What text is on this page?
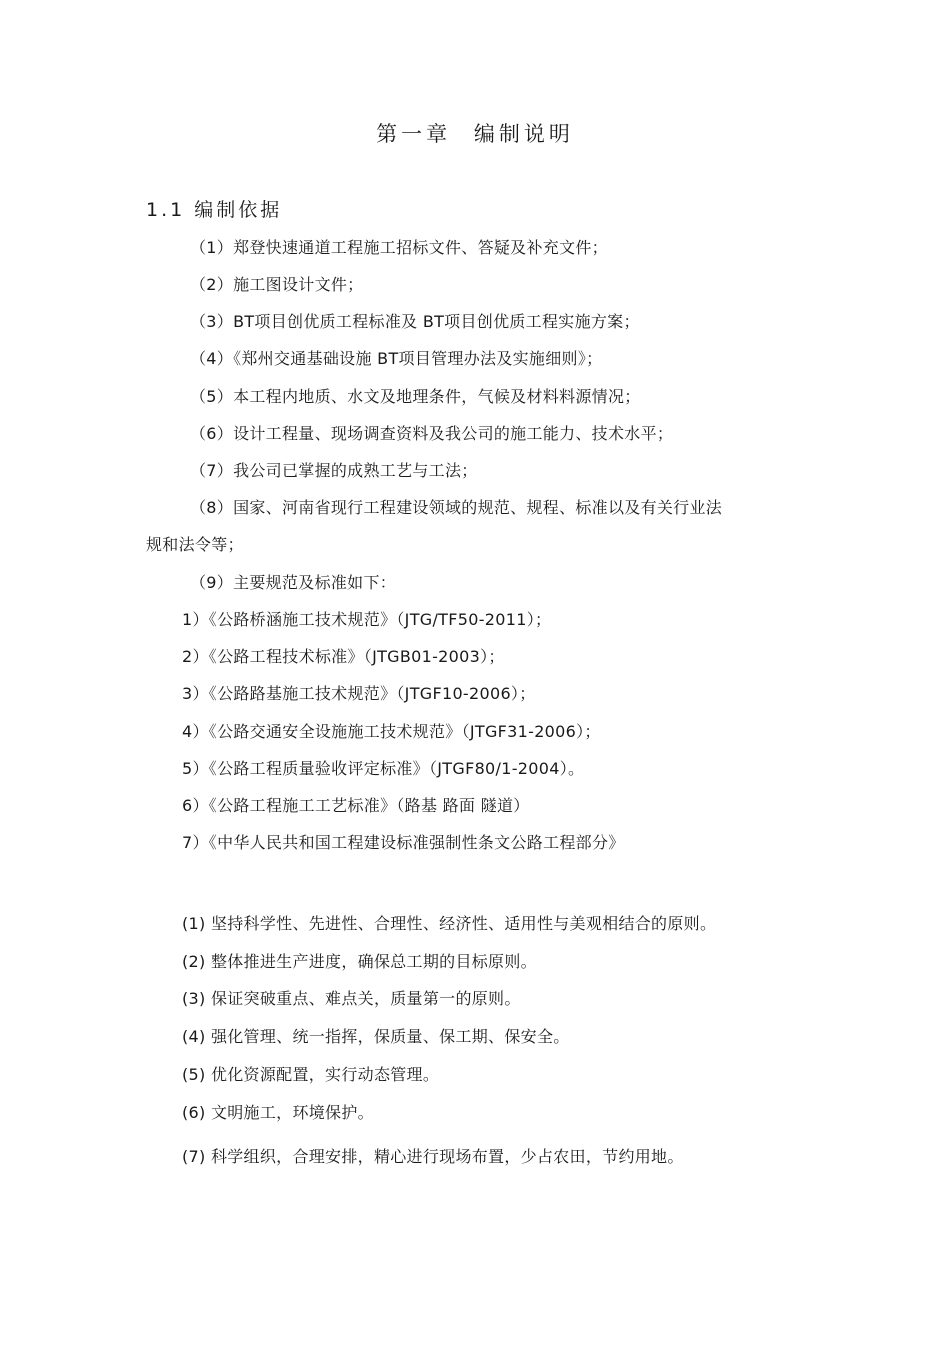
第一章 编制说明
1.1 编制依据
（1）郑登快速通道工程施工招标文件、答疑及补充文件；
（2）施工图设计文件；
（3）BT项目创优质工程标准及 BT项目创优质工程实施方案；
（4）《郑州交通基础设施 BT项目管理办法及实施细则》；
（5）本工程内地质、水文及地理条件，气候及材料料源情况；
（6）设计工程量、现场调查资料及我公司的施工能力、技术水平；
（7）我公司已掌握的成熟工艺与工法；
（8）国家、河南省现行工程建设领域的规范、规程、标准以及有关行业法
规和法令等；
（9）主要规范及标准如下：
1）《公路桥涵施工技术规范》（JTG/TF50-2011）；
2）《公路工程技术标准》（JTGB01-2003）；
3）《公路路基施工技术规范》（JTGF10-2006）；
4）《公路交通安全设施施工技术规范》（JTGF31-2006）；
5）《公路工程质量验收评定标准》（JTGF80/1-2004）。
6）《公路工程施工工艺标准》（路基 路面 隧道）
7）《中华人民共和国工程建设标准强制性条文公路工程部分》
(1) 坚持科学性、先进性、合理性、经济性、适用性与美观相结合的原则。
(2) 整体推进生产进度，确保总工期的目标原则。
(3) 保证突破重点、难点关，质量第一的原则。
(4) 强化管理、统一指挥，保质量、保工期、保安全。
(5) 优化资源配置，实行动态管理。
(6) 文明施工，环境保护。
(7) 科学组织，合理安排，精心进行现场布置，少占农田，节约用地。
